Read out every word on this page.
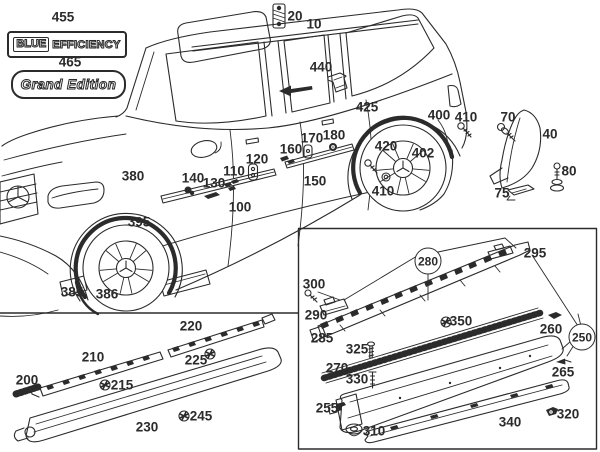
BLUE EFFICIENCY
Grand Edition
455
465
20
10
440
425
400 410 70
40
80
75
380	140
130
110
120
160
170 180
100
150
395
385 386
420 402
410
200
210
215
220
225
245
230
280
295
300
290
285
325
350
270
330
260
250
265
255
310
340
320
